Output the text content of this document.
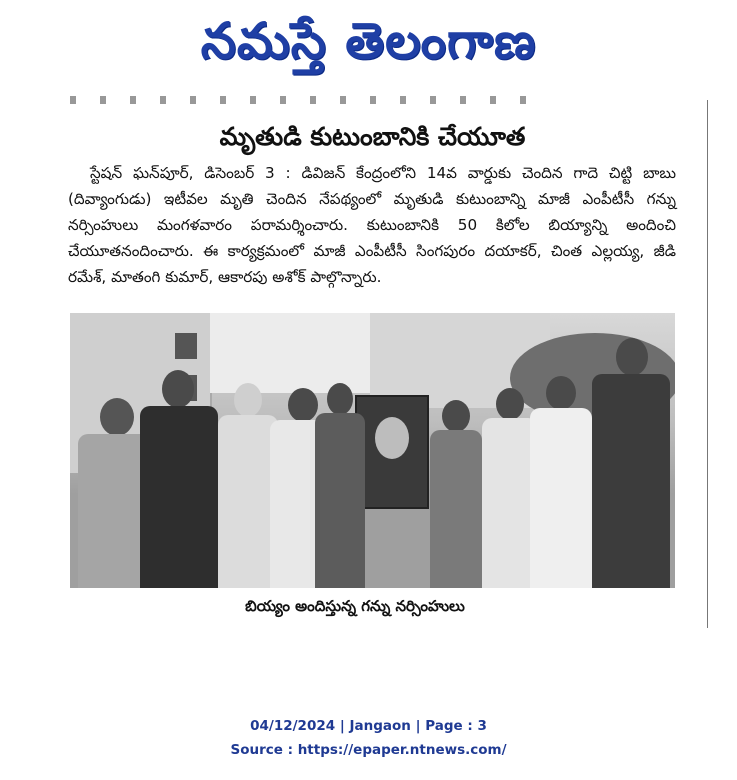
నమస్తే తెలంగాణ
మృతుడి కుటుంబానికి చేయూత
స్టేషన్ ఘన్‌పూర్, డిసెంబర్ 3 : డివిజన్ కేంద్రంలోని 14వ వార్డుకు చెందిన గాదె చిట్టి బాబు (దివ్యాంగుడు) ఇటీవల మృతి చెందిన నేపథ్యంలో మృతుడి కుటుంబాన్ని మాజీ ఎంపీటీసీ గన్ను నర్సింహులు మంగళవారం పరామర్శించారు. కుటుంబానికి 50 కిలోల బియ్యాన్ని అందించి చేయూతనందించారు. ఈ కార్యక్రమంలో మాజీ ఎంపీటీసీ సింగపురం దయాకర్, చింత ఎల్లయ్య, జీడి రమేశ్, మాతంగి కుమార్, ఆకారపు అశోక్ పాల్గొన్నారు.
బియ్యం అందిస్తున్న గన్ను నర్సింహులు
04/12/2024 | Jangaon | Page : 3
Source : https://epaper.ntnews.com/
